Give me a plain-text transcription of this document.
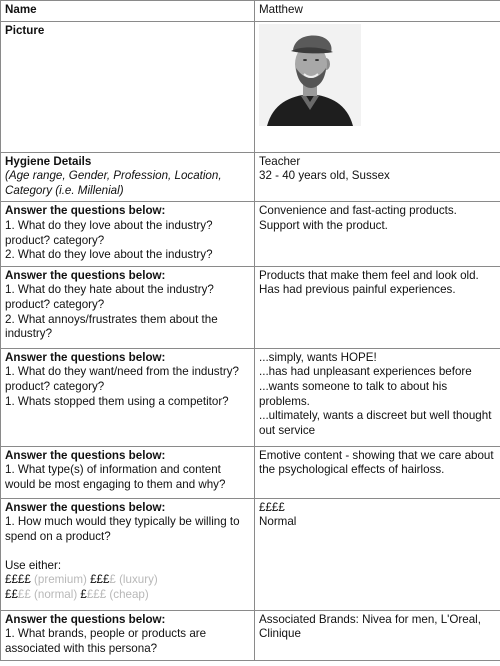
Name	Matthew

Picture

Hygiene Details
(Age range, Gender, Profession, Location, Category (i.e. Millenial)	Teacher
32 - 40 years old, Sussex

Answer the questions below:
1. What do they love about the industry? product? category?
2. What do they love about the industry?	Convenience and fast-acting products. Support with the product.

Answer the questions below:
1. What do they hate about the industry? product? category?
2. What annoys/frustrates them about the industry?	Products that make them feel and look old. Has had previous painful experiences.

Answer the questions below:
1. What do they want/need from the industry? product? category?
1. Whats stopped them using a competitor?	...simply, wants HOPE!
...has had unpleasant experiences before
...wants someone to talk to about his problems.
...ultimately, wants a discreet but well thought out service

Answer the questions below:
1. What type(s) of information and content would be most engaging to them and why?	Emotive content - showing that we care about the psychological effects of hairloss.

Answer the questions below:
1. How much would they typically be willing to spend on a product?
Use either:
££££ (premium) ££££ (luxury)
££££ (normal) ££££ (cheap)	££££
Normal

Answer the questions below:
1. What brands, people or products are associated with this persona?	Associated Brands: Nivea for men, L'Oreal, Clinique
